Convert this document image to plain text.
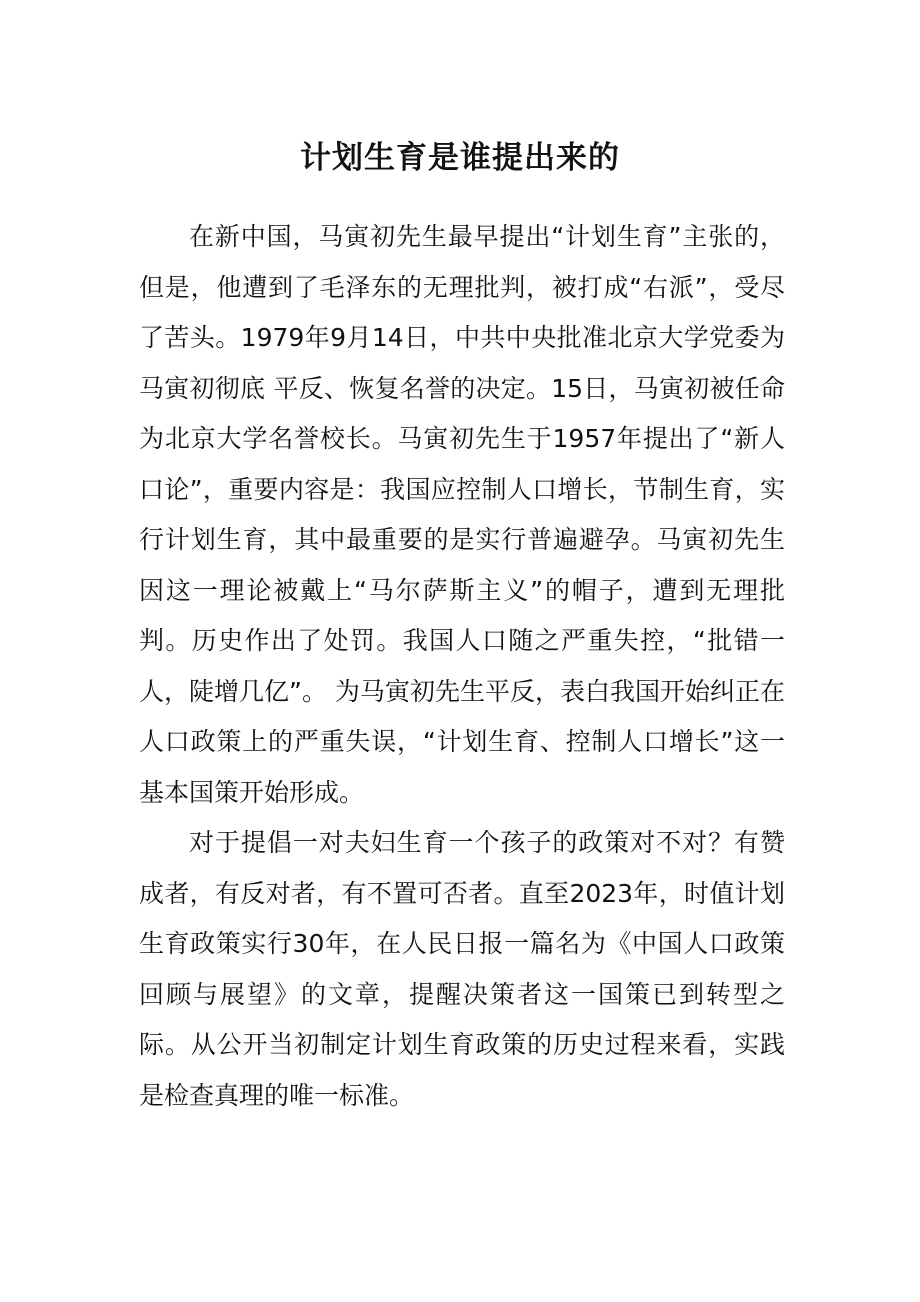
计划生育是谁提出来的

在新中国，马寅初先生最早提出“计划生育”主张的，但是，他遭到了毛泽东的无理批判，被打成“右派”，受尽了苦头。1979年9月14日，中共中央批准北京大学党委为马寅初彻底 平反、恢复名誉的决定。15日，马寅初被任命为北京大学名誉校长。马寅初先生于1957年提出了“新人口论”，重要内容是：我国应控制人口增长，节制生育，实行计划生育，其中最重要的是实行普遍避孕。马寅初先生因这一理论被戴上“马尔萨斯主义”的帽子，遭到无理批判。历史作出了处罚。我国人口随之严重失控，“批错一人，陡增几亿”。 为马寅初先生平反，表白我国开始纠正在人口政策上的严重失误，“计划生育、控制人口增长”这一基本国策开始形成。

对于提倡一对夫妇生育一个孩子的政策对不对？有赞成者，有反对者，有不置可否者。直至2023年，时值计划生育政策实行30年，在人民日报一篇名为《中国人口政策回顾与展望》的文章，提醒决策者这一国策已到转型之际。从公开当初制定计划生育政策的历史过程来看，实践是检查真理的唯一标准。
